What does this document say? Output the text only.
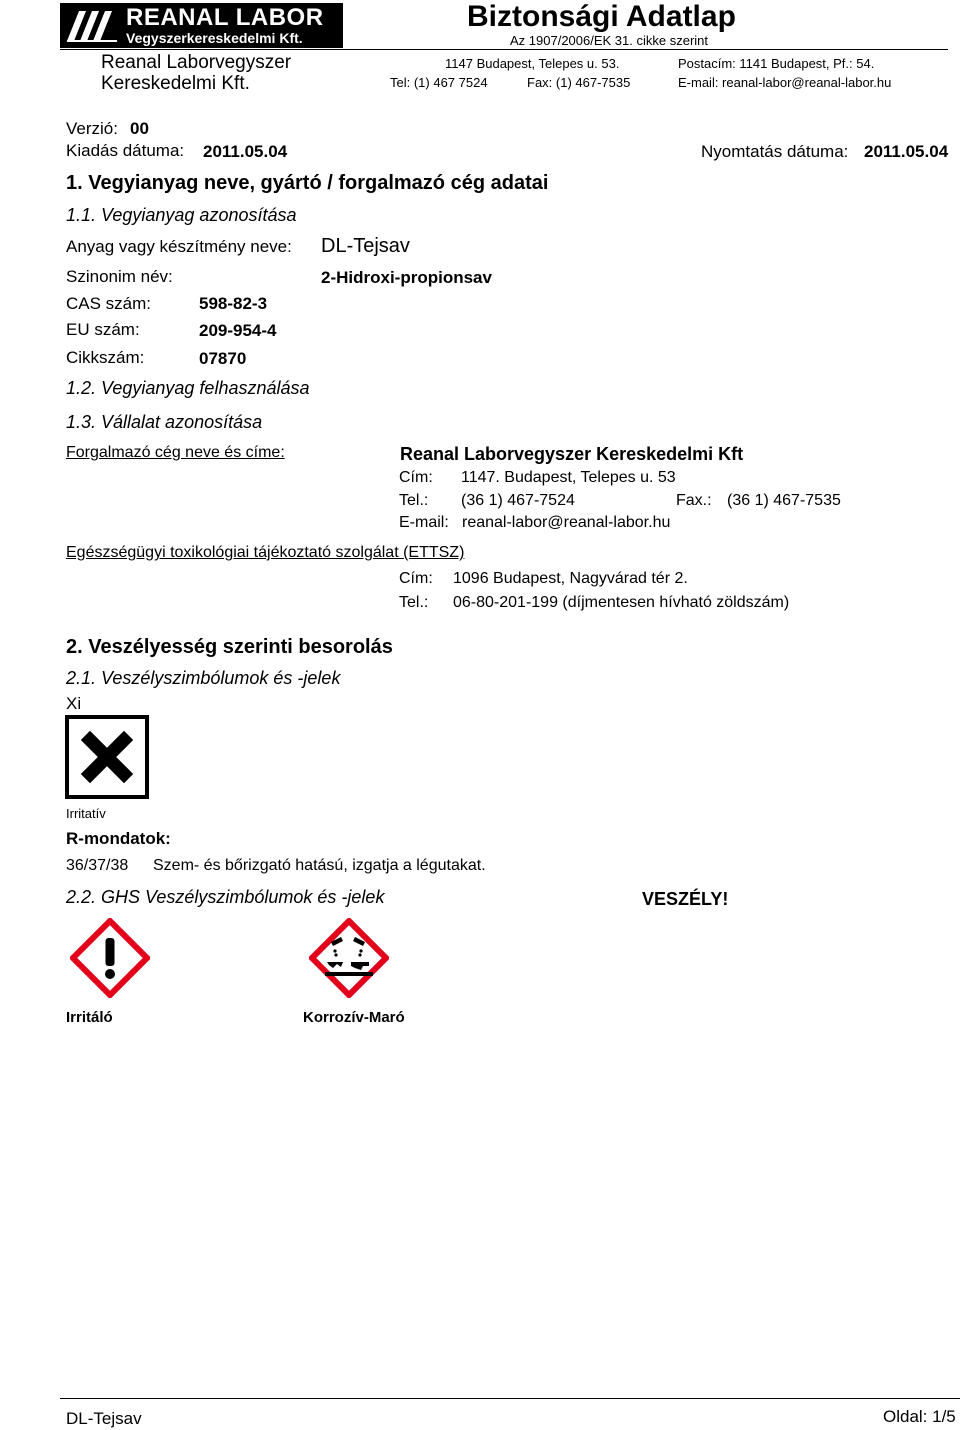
REANAL LABOR
Vegyszerkereskedelmi Kft.
Reanal Laborvegyszer
Kereskedelmi Kft.
Biztonsági Adatlap
Az 1907/2006/EK 31. cikke szerint
1147 Budapest, Telepes u. 53.	Postacím: 1141 Budapest, Pf.: 54.
Tel: (1) 467 7524	Fax: (1) 467-7535	E-mail: reanal-labor@reanal-labor.hu
Verzió: 00
Kiadás dátuma: 2011.05.04	Nyomtatás dátuma: 2011.05.04
1. Vegyianyag neve, gyártó / forgalmazó cég adatai
1.1. Vegyianyag azonosítása
Anyag vagy készítmény neve: DL-Tejsav
Szinonim név:	2-Hidroxi-propionsav
CAS szám:	598-82-3
EU szám:	209-954-4
Cikkszám:	07870
1.2. Vegyianyag felhasználása
1.3. Vállalat azonosítása
Forgalmazó cég neve és címe:	Reanal Laborvegyszer Kereskedelmi Kft
Cím: 1147. Budapest, Telepes u. 53
Tel.: (36 1) 467-7524	Fax.: (36 1) 467-7535
E-mail: reanal-labor@reanal-labor.hu
Egészségügyi toxikológiai tájékoztató szolgálat (ETTSZ)
Cím: 1096 Budapest, Nagyvárad tér 2.
Tel.: 06-80-201-199 (díjmentesen hívható zöldszám)
2. Veszélyesség szerinti besorolás
2.1. Veszélyszimbólumok és -jelek
Xi
Irritatív
R-mondatok:
36/37/38 Szem- és bőrizgató hatású, izgatja a légutakat.
2.2. GHS Veszélyszimbólumok és -jelek	VESZÉLY!
Irritáló	Korrozív-Maró
DL-Tejsav	Oldal: 1/5
